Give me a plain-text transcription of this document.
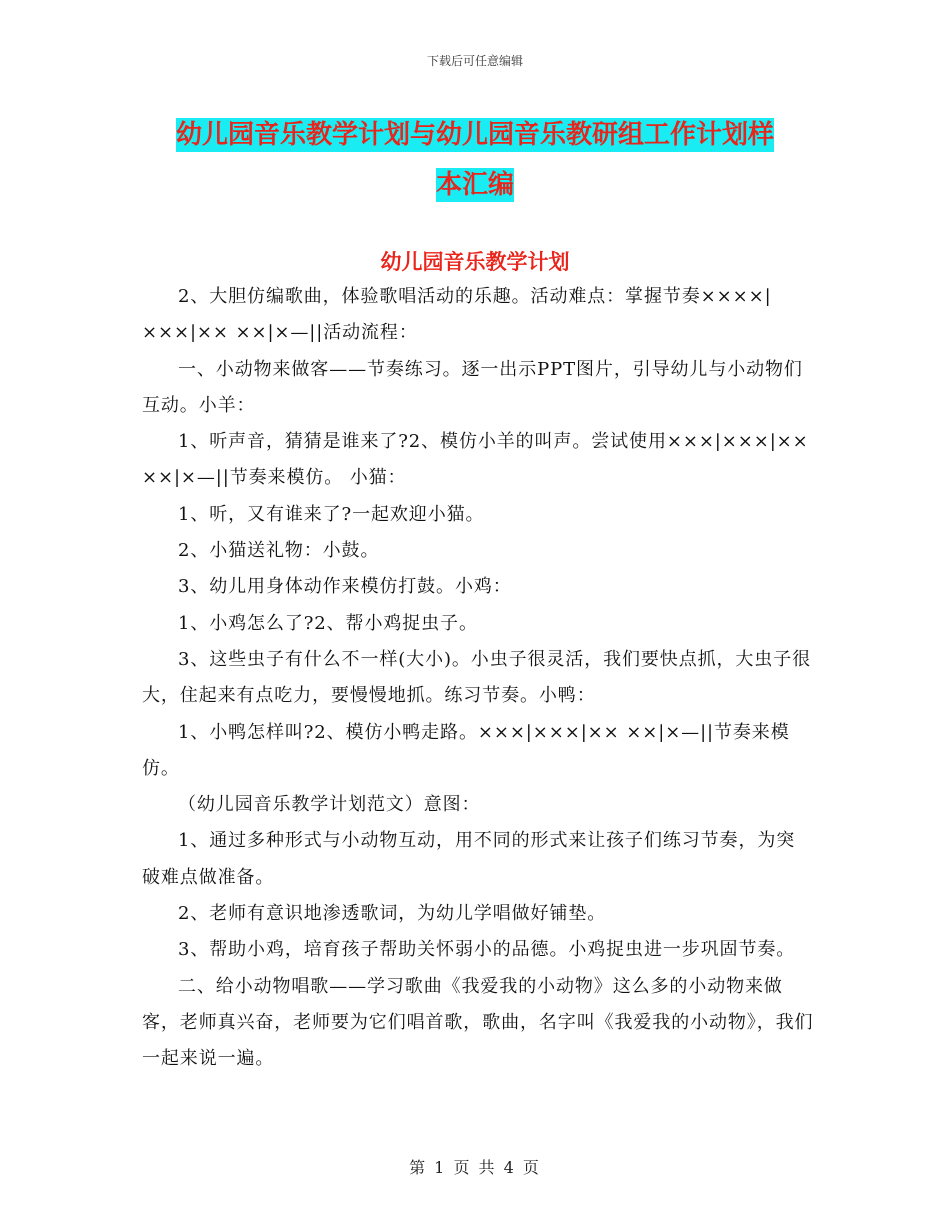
下载后可任意编辑
幼儿园音乐教学计划与幼儿园音乐教研组工作计划样
本汇编
幼儿园音乐教学计划

2、大胆仿编歌曲，体验歌唱活动的乐趣。活动难点：掌握节奏××××|×××|×× ××|×—||活动流程：

一、小动物来做客——节奏练习。逐一出示PPT图片，引导幼儿与小动物们互动。小羊：

1、听声音，猜猜是谁来了?2、模仿小羊的叫声。尝试使用×××|×××|×× ××|×—||节奏来模仿。 小猫：

1、听，又有谁来了?一起欢迎小猫。

2、小猫送礼物：小鼓。

3、幼儿用身体动作来模仿打鼓。小鸡：

1、小鸡怎么了?2、帮小鸡捉虫子。

3、这些虫子有什么不一样(大小)。小虫子很灵活，我们要快点抓，大虫子很大，住起来有点吃力，要慢慢地抓。练习节奏。小鸭：

1、小鸭怎样叫?2、模仿小鸭走路。×××|×××|×× ××|×—||节奏来模仿。

（幼儿园音乐教学计划范文）意图：

1、通过多种形式与小动物互动，用不同的形式来让孩子们练习节奏，为突破难点做准备。

2、老师有意识地渗透歌词，为幼儿学唱做好铺垫。

3、帮助小鸡，培育孩子帮助关怀弱小的品德。小鸡捉虫进一步巩固节奏。

二、给小动物唱歌——学习歌曲《我爱我的小动物》这么多的小动物来做客，老师真兴奋，老师要为它们唱首歌，歌曲，名字叫《我爱我的小动物》，我们一起来说一遍。

第 1 页 共 4 页
